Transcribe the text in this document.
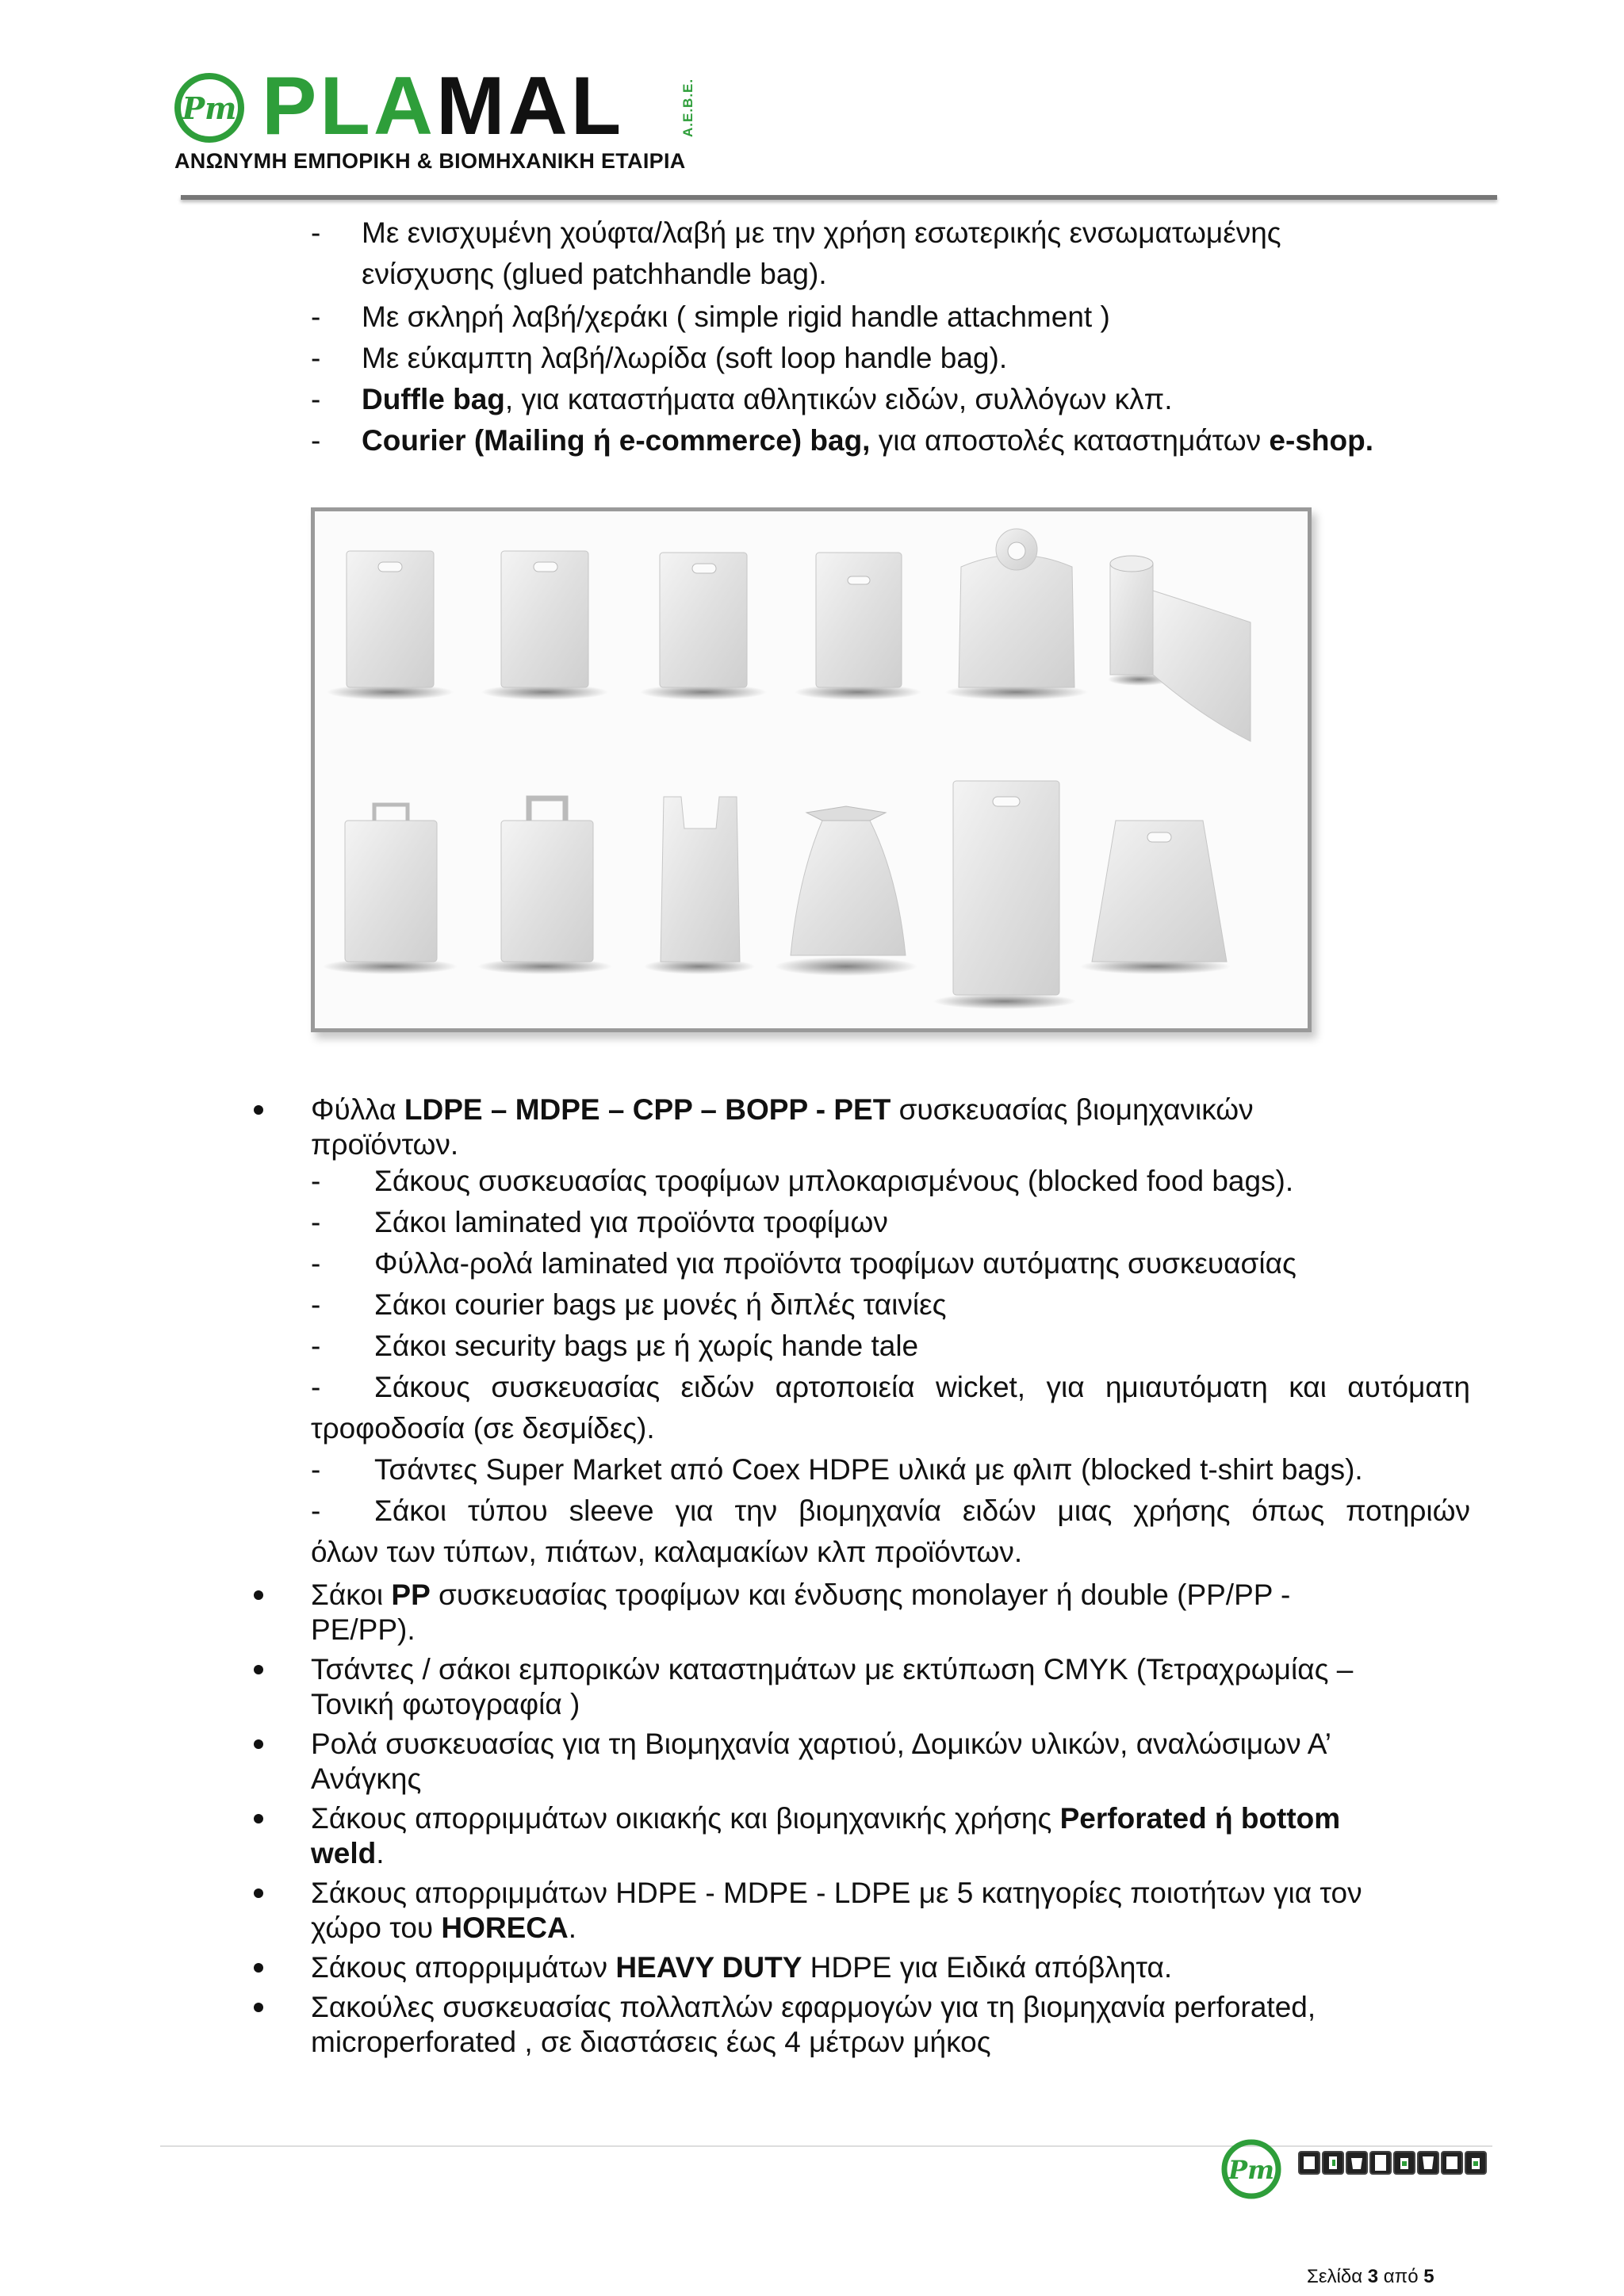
Pm PLAMAL	A.E.B.E.
ΑΝΩΝΥΜΗ ΕΜΠΟΡΙΚΗ & ΒΙΟΜΗΧΑΝΙΚΗ ΕΤΑΙΡΙΑ
- Με ενισχυμένη χούφτα/λαβή με την χρήση εσωτερικής ενσωματωμένης
ενίσχυσης (glued patchhandle bag).
- Με σκληρή λαβή/χεράκι ( simple rigid handle attachment )
- Με εύκαμπτη λαβή/λωρίδα (soft loop handle bag).
- Duffle bag, για καταστήματα αθλητικών ειδών, συλλόγων κλπ.
- Courier (Mailing ή e-commerce) bag, για αποστολές καταστημάτων e-shop.
Φύλλα LDPE – MDPE – CPP – BOPP - PET συσκευασίας βιομηχανικών
προϊόντων.
- Σάκους συσκευασίας τροφίμων μπλοκαρισμένους (blocked food bags).
- Σάκοι laminated για προϊόντα τροφίμων
- Φύλλα-ρολά laminated για προϊόντα τροφίμων αυτόματης συσκευασίας
- Σάκοι courier bags με μονές ή διπλές ταινίες
- Σάκοι security bags με ή χωρίς hande tale
- Σάκους συσκευασίας ειδών αρτοποιεία wicket, για ημιαυτόματη και αυτόματη
τροφοδοσία (σε δεσμίδες).
- Τσάντες Super Market από Coex HDPE υλικά με φλιπ (blocked t-shirt bags).
- Σάκοι τύπου sleeve για την βιομηχανία ειδών μιας χρήσης όπως ποτηριών
όλων των τύπων, πιάτων, καλαμακίων κλπ προϊόντων.
Σάκοι PP συσκευασίας τροφίμων και ένδυσης monolayer ή double (PP/PP -
PE/PP).
Τσάντες / σάκοι εμπορικών καταστημάτων με εκτύπωση CMYK (Τετραχρωμίας –
Τονική φωτογραφία )
Ρολά συσκευασίας για τη Βιομηχανία χαρτιού, Δομικών υλικών, αναλώσιμων Α’
Ανάγκης
Σάκους απορριμμάτων οικιακής και βιομηχανικής χρήσης Perforated ή bottom
weld.
Σάκους απορριμμάτων HDPE - MDPE - LDPE με 5 κατηγορίες ποιοτήτων για τον
χώρο του HORECA.
Σάκους απορριμμάτων HEAVY DUTY HDPE για Ειδικά απόβλητα.
Σακούλες συσκευασίας πολλαπλών εφαρμογών για τη βιομηχανία perforated,
microperforated , σε διαστάσεις έως 4 μέτρων μήκος
Pm
Σελίδα 3 από 5
